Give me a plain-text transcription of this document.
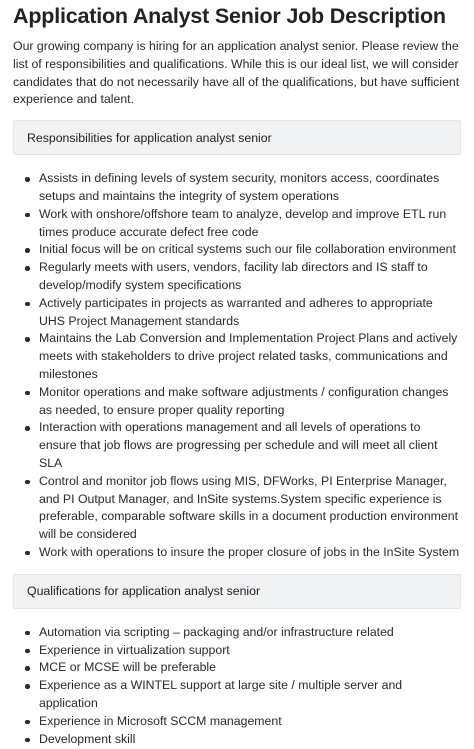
Application Analyst Senior Job Description

Our growing company is hiring for an application analyst senior. Please review the list of responsibilities and qualifications. While this is our ideal list, we will consider candidates that do not necessarily have all of the qualifications, but have sufficient experience and talent.

Responsibilities for application analyst senior
Assists in defining levels of system security, monitors access, coordinates setups and maintains the integrity of system operations
Work with onshore/offshore team to analyze, develop and improve ETL run times produce accurate defect free code
Initial focus will be on critical systems such our file collaboration environment
Regularly meets with users, vendors, facility lab directors and IS staff to develop/modify system specifications
Actively participates in projects as warranted and adheres to appropriate UHS Project Management standards
Maintains the Lab Conversion and Implementation Project Plans and actively meets with stakeholders to drive project related tasks, communications and milestones
Monitor operations and make software adjustments / configuration changes as needed, to ensure proper quality reporting
Interaction with operations management and all levels of operations to ensure that job flows are progressing per schedule and will meet all client SLA
Control and monitor job flows using MIS, DFWorks, PI Enterprise Manager, and PI Output Manager, and InSite systems.System specific experience is preferable, comparable software skills in a document production environment will be considered
Work with operations to insure the proper closure of jobs in the InSite System
Qualifications for application analyst senior
Automation via scripting – packaging and/or infrastructure related
Experience in virtualization support
MCE or MCSE will be preferable
Experience as a WINTEL support at large site / multiple server and application
Experience in Microsoft SCCM management
Development skill
